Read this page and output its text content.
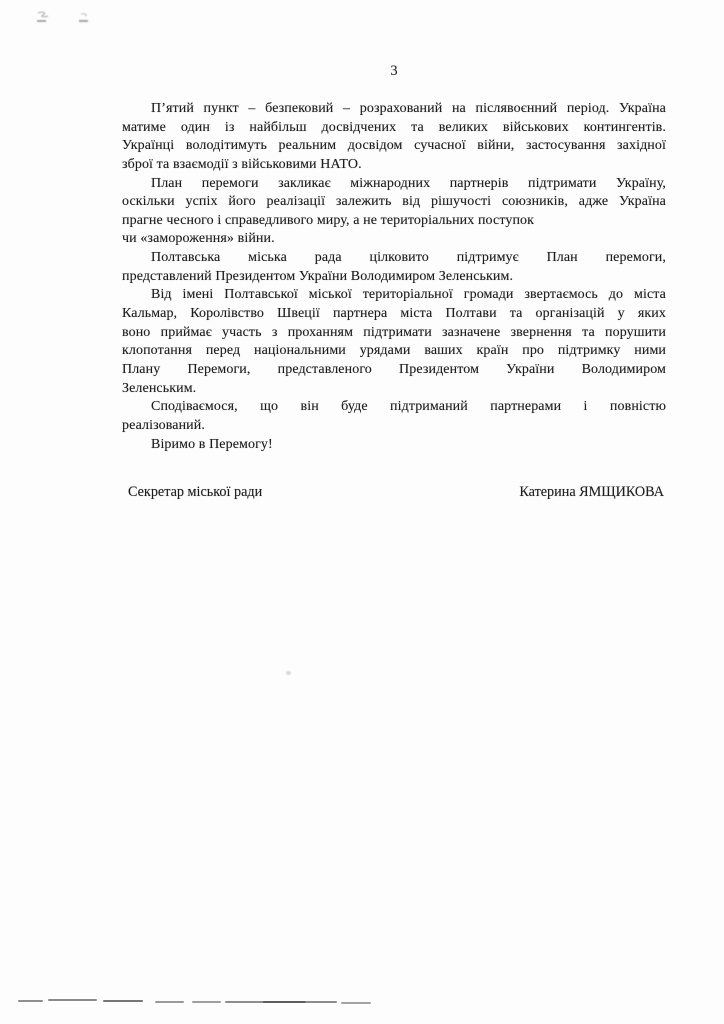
3
П’ятий пункт – безпековий – розрахований на післявоєнний період. Україна
матиме один із найбільш досвідчених та великих військових контингентів.
Українці володітимуть реальним досвідом сучасної війни, застосування західної
зброї та взаємодії з військовими НАТО.
План перемоги закликає міжнародних партнерів підтримати Україну,
оскільки успіх його реалізації залежить від рішучості союзників, адже Україна
прагне чесного і справедливого миру, а не територіальних поступок
чи «замороження» війни.
Полтавська міська рада цілковито підтримує План перемоги,
представлений Президентом України Володимиром Зеленським.
Від імені Полтавської міської територіальної громади звертаємось до міста
Кальмар, Королівство Швеції партнера міста Полтави та організацій у яких
воно приймає участь з проханням підтримати зазначене звернення та порушити
клопотання перед національними урядами ваших країн про підтримку ними
Плану Перемоги, представленого Президентом України Володимиром
Зеленським.
Сподіваємося, що він буде підтриманий партнерами і повністю
реалізований.
Віримо в Перемогу!
Секретар міської ради	Катерина ЯМЩИКОВА
